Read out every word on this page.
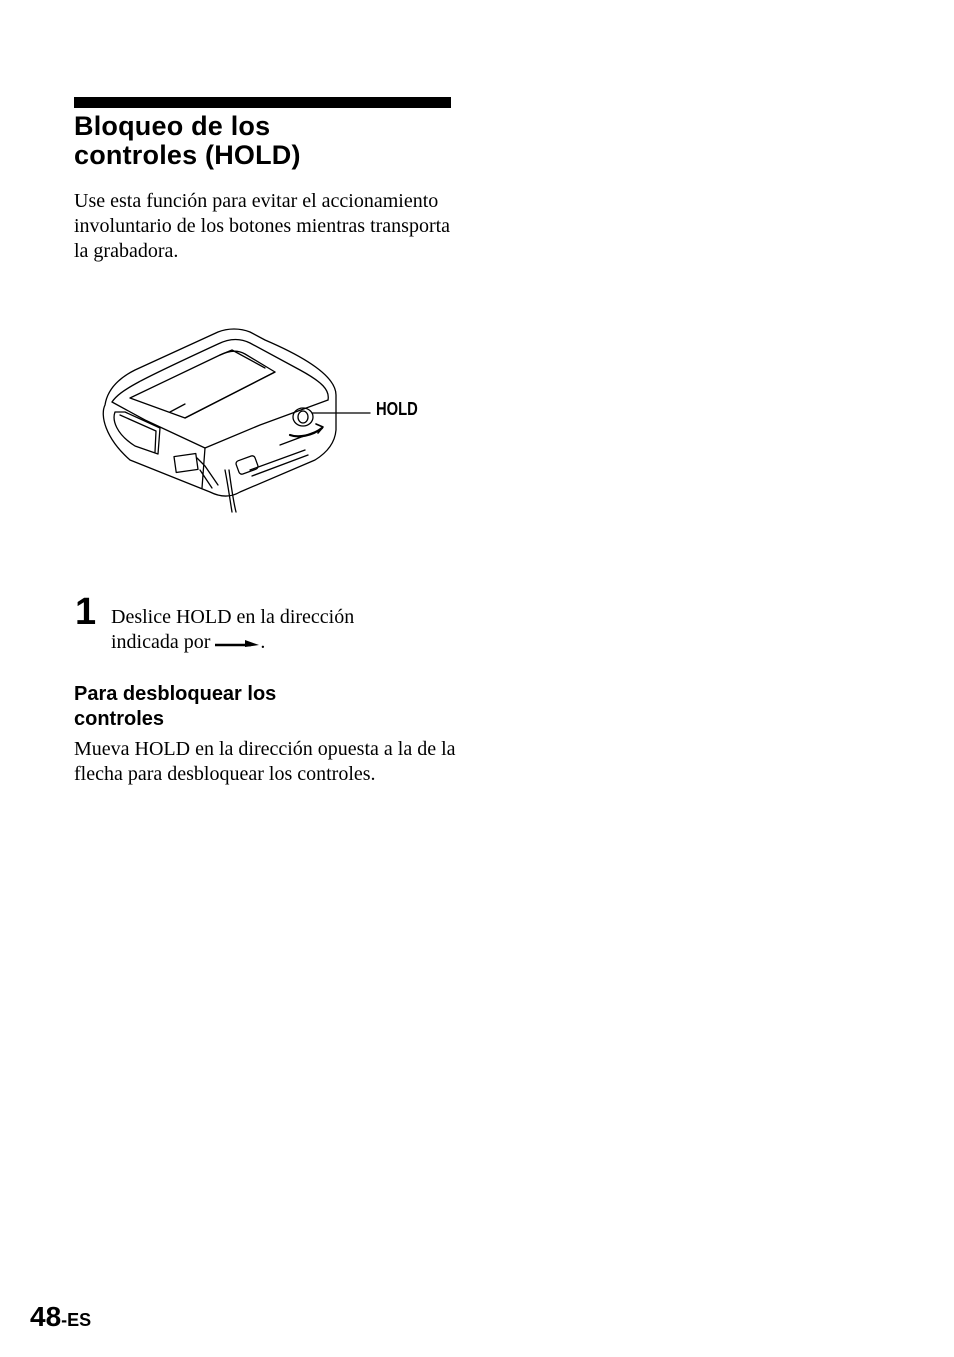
Bloqueo de los
controles (HOLD)

Use esta función para evitar el accionamiento involuntario de los botones mientras transporta la grabadora.

HOLD
1 Deslice HOLD en la dirección
indicada por	.

Para desbloquear los
controles

Mueva HOLD en la dirección opuesta a la de la flecha para desbloquear los controles.

48-ES
